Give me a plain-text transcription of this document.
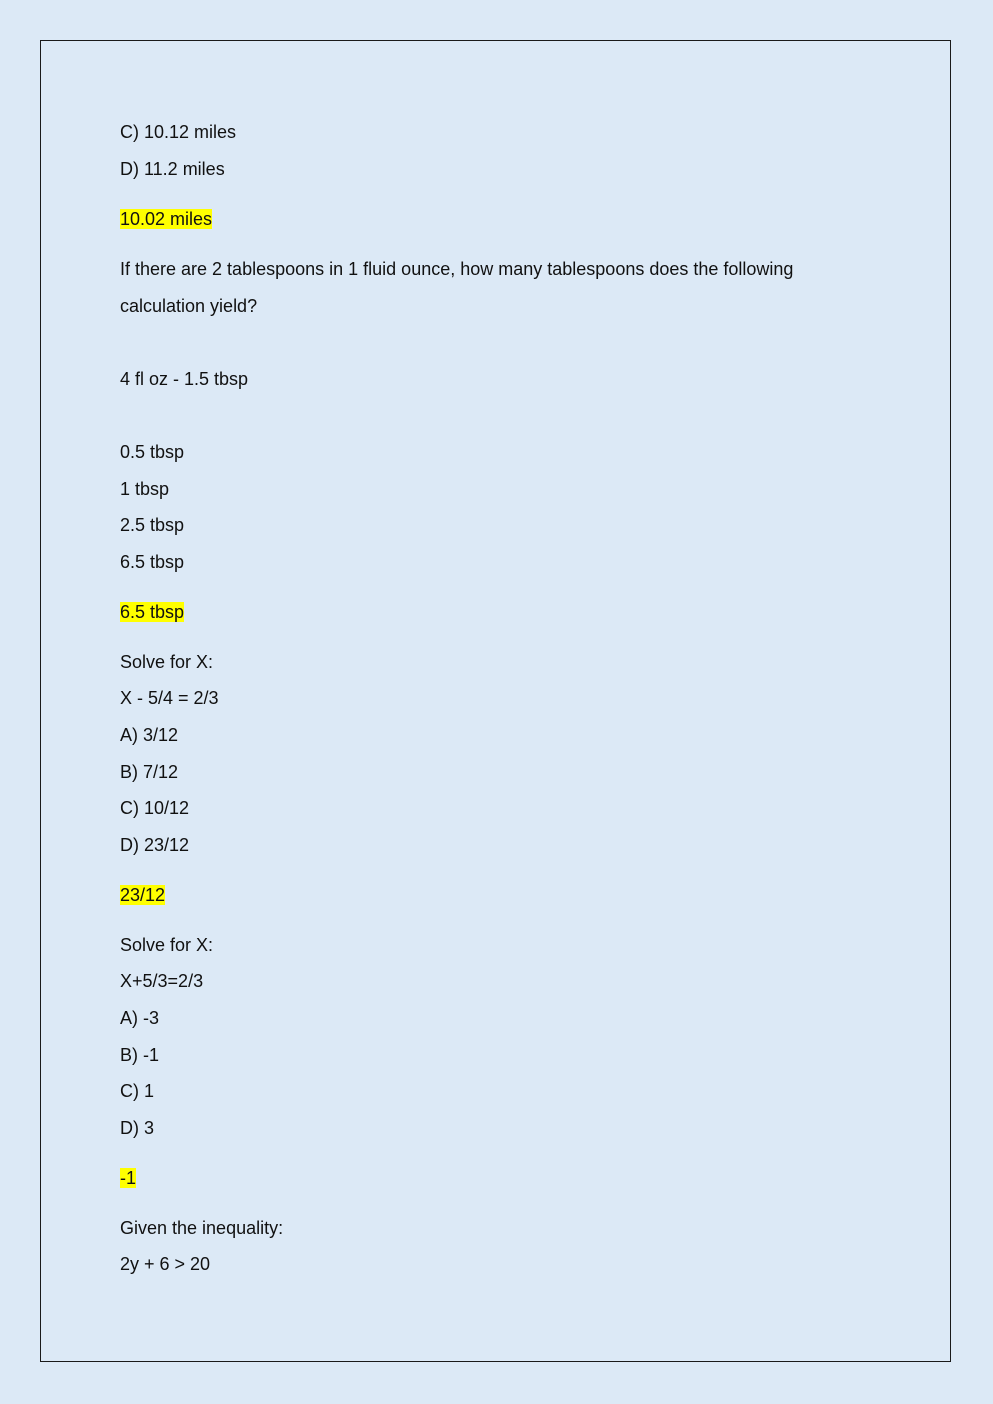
C) 10.12 miles
D) 11.2 miles
10.02 miles
If there are 2 tablespoons in 1 fluid ounce, how many tablespoons does the following
calculation yield?
4 fl oz - 1.5 tbsp
0.5 tbsp
1 tbsp
2.5 tbsp
6.5 tbsp
6.5 tbsp
Solve for X:
X - 5/4 = 2/3
A) 3/12
B) 7/12
C) 10/12
D) 23/12
23/12
Solve for X:
X+5/3=2/3
A) -3
B) -1
C) 1
D) 3
-1
Given the inequality:
2y + 6 > 20
